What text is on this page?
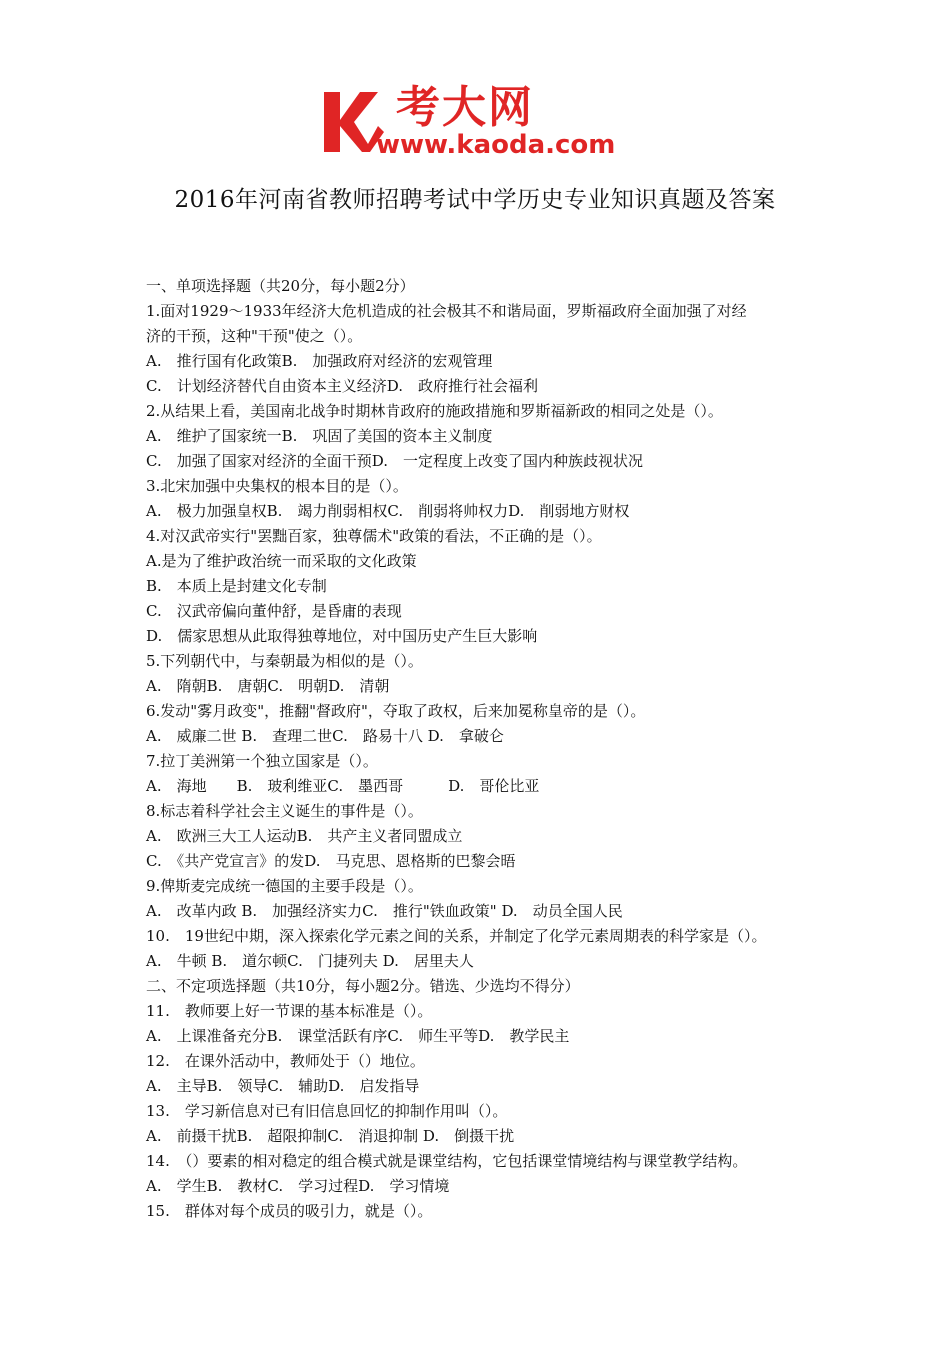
考大网
www.kaoda.com
2016年河南省教师招聘考试中学历史专业知识真题及答案
一、单项选择题（共20分，每小题2分）
1.面对1929～1933年经济大危机造成的社会极其不和谐局面，罗斯福政府全面加强了对经
济的干预，这种"干预"使之（）。
A.　推行国有化政策B.　加强政府对经济的宏观管理
C.　计划经济替代自由资本主义经济D.　政府推行社会福利
2.从结果上看，美国南北战争时期林肯政府的施政措施和罗斯福新政的相同之处是（）。
A.　维护了国家统一B.　巩固了美国的资本主义制度
C.　加强了国家对经济的全面干预D.　一定程度上改变了国内种族歧视状况
3.北宋加强中央集权的根本目的是（）。
A.　极力加强皇权B.　竭力削弱相权C.　削弱将帅权力D.　削弱地方财权
4.对汉武帝实行"罢黜百家，独尊儒术"政策的看法，不正确的是（）。
A.是为了维护政治统一而采取的文化政策
B.　本质上是封建文化专制
C.　汉武帝偏向董仲舒，是昏庸的表现
D.　儒家思想从此取得独尊地位，对中国历史产生巨大影响
5.下列朝代中，与秦朝最为相似的是（）。
A.　隋朝B.　唐朝C.　明朝D.　清朝
6.发动"雾月政变"，推翻"督政府"，夺取了政权，后来加冕称皇帝的是（）。
A.　威廉二世 B.　查理二世C.　路易十八 D.　拿破仑
7.拉丁美洲第一个独立国家是（）。
A.　海地　　B.　玻利维亚C.　墨西哥　　　D.　哥伦比亚
8.标志着科学社会主义诞生的事件是（）。
A.　欧洲三大工人运动B.　共产主义者同盟成立
C.　《共产党宣言》的发D.　马克思、恩格斯的巴黎会晤
9.俾斯麦完成统一德国的主要手段是（）。
A.　改革内政 B.　加强经济实力C.　推行"铁血政策" D.　动员全国人民
10.　19世纪中期，深入探索化学元素之间的关系，并制定了化学元素周期表的科学家是（）。
A.　牛顿 B.　道尔顿C.　门捷列夫 D.　居里夫人
二、不定项选择题（共10分，每小题2分。错选、少选均不得分）
11.　教师要上好一节课的基本标准是（）。
A.　上课准备充分B.　课堂活跃有序C.　师生平等D.　教学民主
12.　在课外活动中，教师处于（）地位。
A.　主导B.　领导C.　辅助D.　启发指导
13.　学习新信息对已有旧信息回忆的抑制作用叫（）。
A.　前摄干扰B.　超限抑制C.　消退抑制 D.　倒摄干扰
14.　（）要素的相对稳定的组合模式就是课堂结构，它包括课堂情境结构与课堂教学结构。
A.　学生B.　教材C.　学习过程D.　学习情境
15.　群体对每个成员的吸引力，就是（）。
